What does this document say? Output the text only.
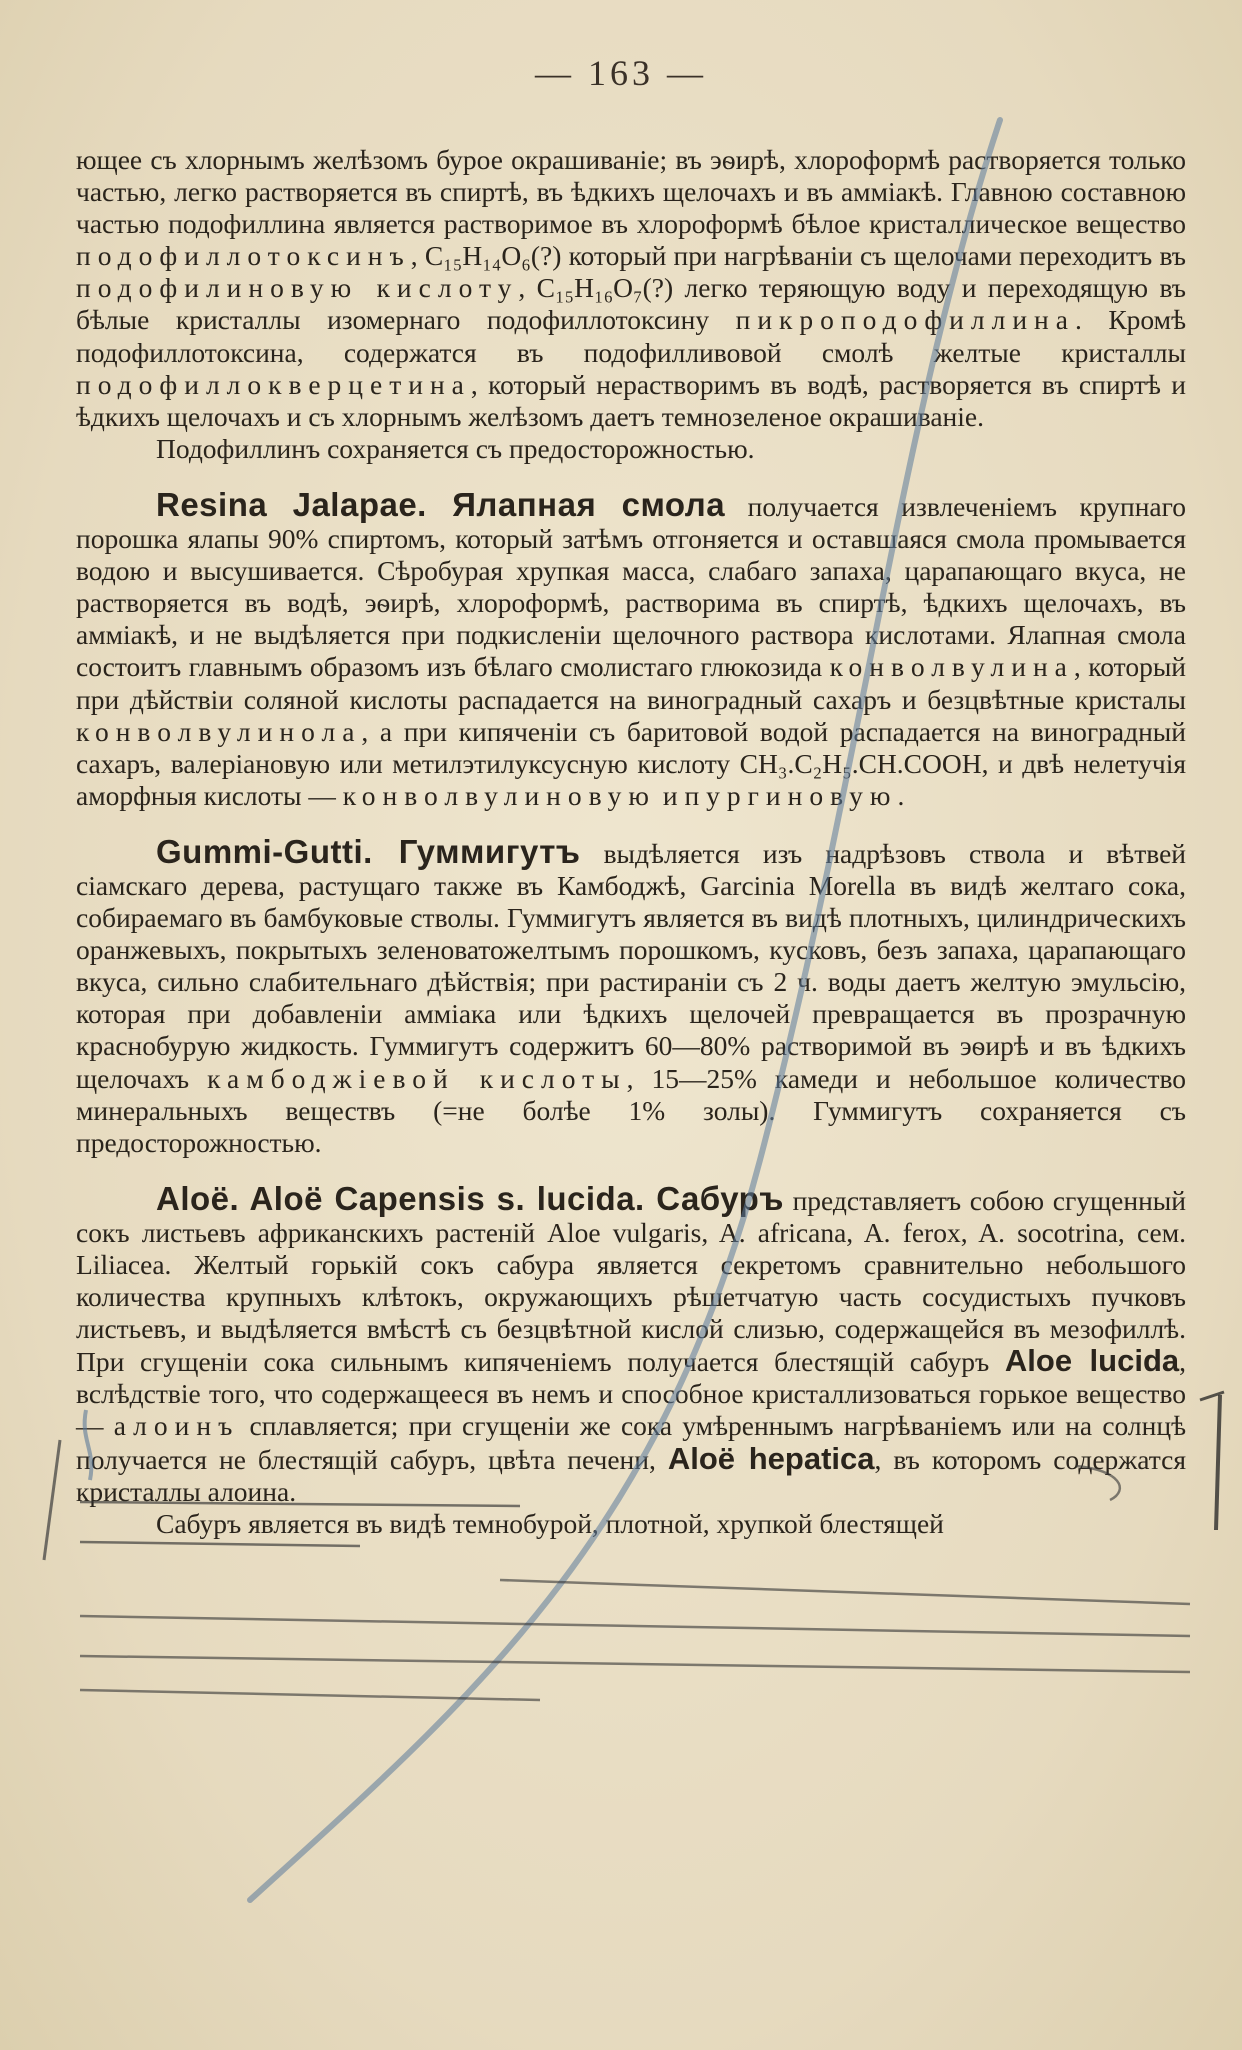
— 163 —

ющее съ хлорнымъ желѣзомъ бурое окрашиваніе; въ эѳирѣ, хлороформѣ растворяется только частью, легко растворяется въ спиртѣ, въ ѣдкихъ щелочахъ и въ амміакѣ. Главною составною частью подофиллина является растворимое въ хлороформѣ бѣлое кристаллическое вещество подофиллотоксинъ, C₁₅H₁₄O₆(?) который при нагрѣваніи съ щелочами переходитъ въ подофилиновую кислоту, C₁₅H₁₆O₇(?) легко теряющую воду и переходящую въ бѣлые кристаллы изомернаго подофиллотоксину пикроподофиллина. Кромѣ подофиллотоксина, содержатся въ подофилливовой смолѣ желтые кристаллы подофиллокверцетина, который нерастворимъ въ водѣ, растворяется въ спиртѣ и ѣдкихъ щелочахъ и съ хлорнымъ желѣзомъ даетъ темнозеленое окрашиваніе.

Подофиллинъ сохраняется съ предосторожностью.

Resina Jalapae. Ялапная смола получается извлеченіемъ крупнаго порошка ялапы 90% спиртомъ, который затѣмъ отгоняется и оставшаяся смола промывается водою и высушивается. Сѣробурая хрупкая масса, слабаго запаха, царапающаго вкуса, не растворяется въ водѣ, эѳирѣ, хлороформѣ, растворима въ спиртѣ, ѣдкихъ щелочахъ, въ амміакѣ, и не выдѣляется при подкисленіи щелочного раствора кислотами. Ялапная смола состоитъ главнымъ образомъ изъ бѣлаго смолистаго глюкозида конволвулина, который при дѣйствіи соляной кислоты распадается на виноградный сахаръ и безцвѣтные кристалы конволвулинола, а при кипяченіи съ баритовой водой распадается на виноградный сахаръ, валеріановую или метилэтилуксусную кислоту CH₃.C₂H₅.CH.COOH, и двѣ нелетучія аморфныя кислоты — конволвулиновую и пургиновую.

Gummi-Gutti. Гуммигутъ выдѣляется изъ надрѣзовъ ствола и вѣтвей сіамскаго дерева, растущаго также въ Камбоджѣ, Garcinia Morella въ видѣ желтаго сока, собираемаго въ бамбуковые стволы. Гуммигутъ является въ видѣ плотныхъ, цилиндрическихъ оранжевыхъ, покрытыхъ зеленоватожелтымъ порошкомъ, кусковъ, безъ запаха, царапающаго вкуса, сильно слабительнаго дѣйствія; при растираніи съ 2 ч. воды даетъ желтую эмульсію, которая при добавленіи амміака или ѣдкихъ щелочей превращается въ прозрачную краснобурую жидкость. Гуммигутъ содержитъ 60—80% растворимой въ эѳирѣ и въ ѣдкихъ щелочахъ камбоджіевой кислоты, 15—25% камеди и небольшое количество минеральныхъ веществъ (=не болѣе 1% золы). Гуммигутъ сохраняется съ предосторожностью.

Aloë. Aloë Capensis s. lucida. Сабуръ представляетъ собою сгущенный сокъ листьевъ африканскихъ растеній Aloe vulgaris, A. africana, A. ferox, A. socotrina, сем. Liliacea. Желтый горькій сокъ сабура является секретомъ сравнительно небольшого количества крупныхъ клѣтокъ, окружающихъ рѣшетчатую часть сосудистыхъ пучковъ листьевъ, и выдѣляется вмѣстѣ съ безцвѣтной кислой слизью, содержащейся въ мезофиллѣ. При сгущеніи сока сильнымъ кипяченіемъ получается блестящій сабуръ Aloe lucida, вслѣдствіе того, что содержащееся въ немъ и способное кристаллизоваться горькое вещество — алоинъ сплавляется; при сгущеніи же сока умѣреннымъ нагрѣваніемъ или на солнцѣ получается не блестящій сабуръ, цвѣта печени, Aloë hepatica, въ которомъ содержатся кристаллы алоина.

Сабуръ является въ видѣ темнобурой, плотной, хрупкой блестящей
